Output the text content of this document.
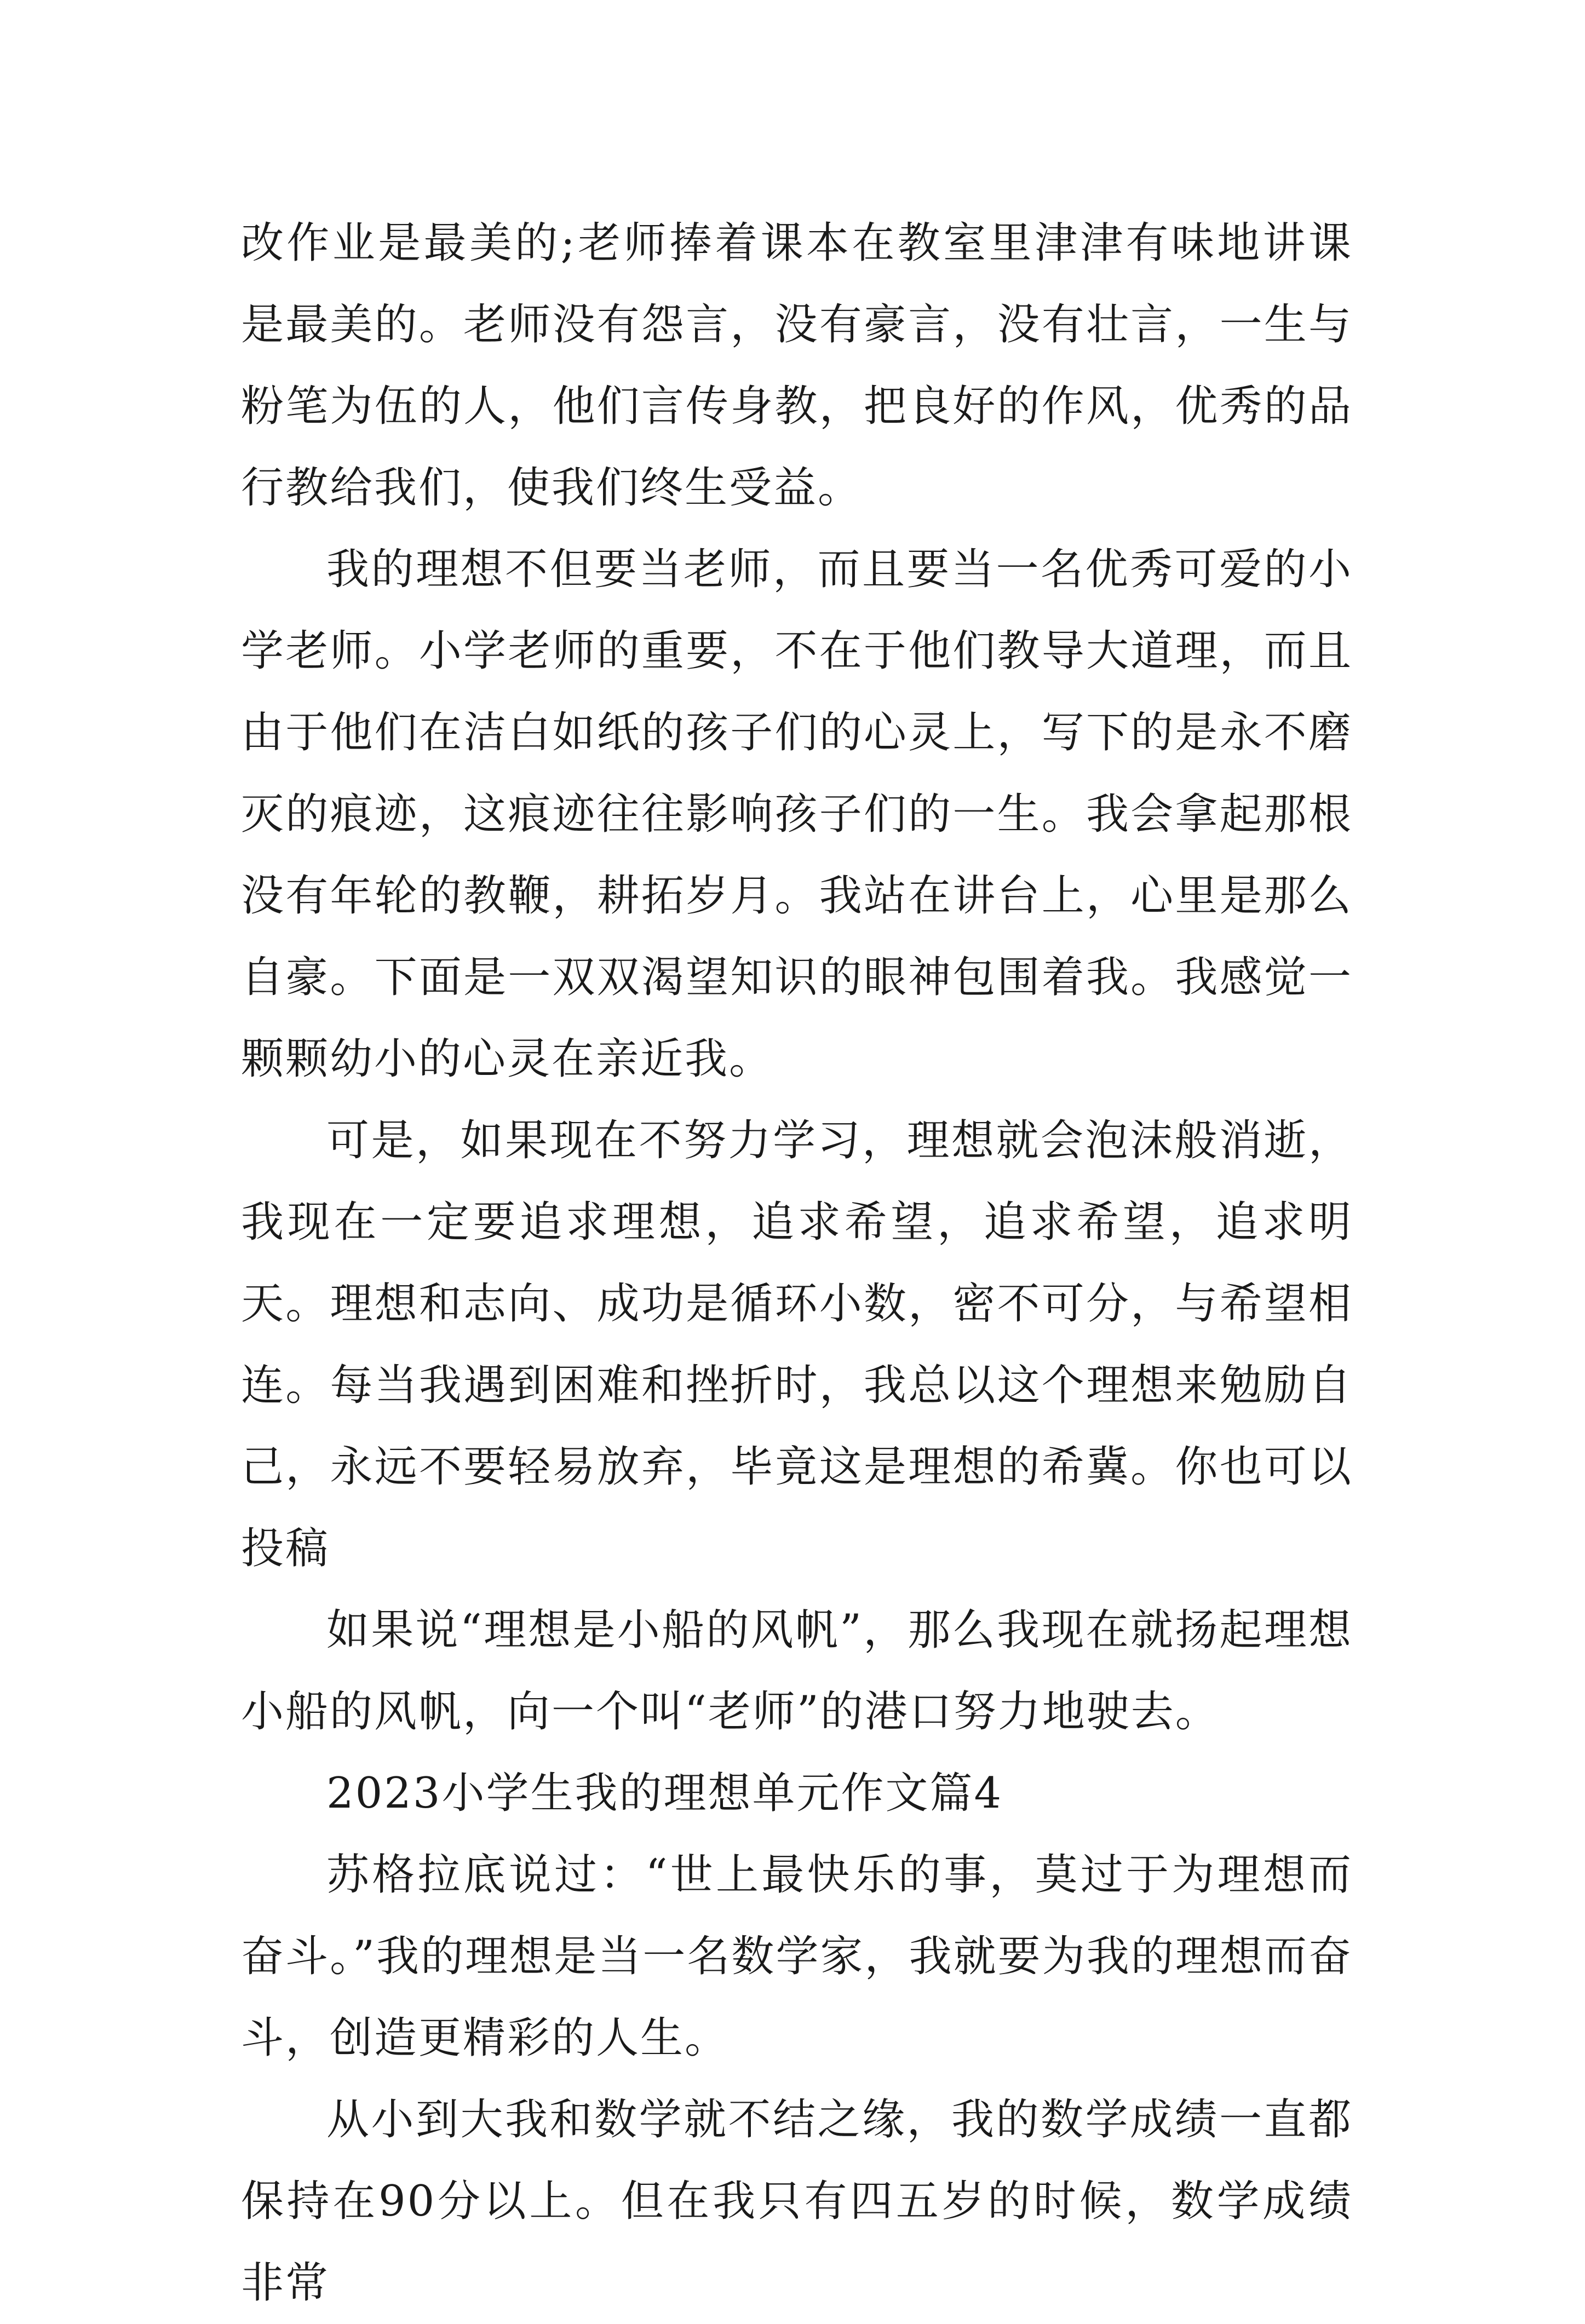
改作业是最美的;老师捧着课本在教室里津津有味地讲课是最美的。老师没有怨言，没有豪言，没有壮言，一生与粉笔为伍的人，他们言传身教，把良好的作风，优秀的品行教给我们，使我们终生受益。

我的理想不但要当老师，而且要当一名优秀可爱的小学老师。小学老师的重要，不在于他们教导大道理，而且由于他们在洁白如纸的孩子们的心灵上，写下的是永不磨灭的痕迹，这痕迹往往影响孩子们的一生。我会拿起那根没有年轮的教鞭，耕拓岁月。我站在讲台上，心里是那么自豪。下面是一双双渴望知识的眼神包围着我。我感觉一颗颗幼小的心灵在亲近我。

可是，如果现在不努力学习，理想就会泡沫般消逝，我现在一定要追求理想，追求希望，追求希望，追求明天。理想和志向、成功是循环小数，密不可分，与希望相连。每当我遇到困难和挫折时，我总以这个理想来勉励自己，永远不要轻易放弃，毕竟这是理想的希冀。你也可以投稿

如果说“理想是小船的风帆”，那么我现在就扬起理想小船的风帆，向一个叫“老师”的港口努力地驶去。

2023小学生我的理想单元作文篇4

苏格拉底说过：“世上最快乐的事，莫过于为理想而奋斗。”我的理想是当一名数学家，我就要为我的理想而奋斗，创造更精彩的人生。

从小到大我和数学就不结之缘，我的数学成绩一直都保持在90分以上。但在我只有四五岁的时候，数学成绩非常
